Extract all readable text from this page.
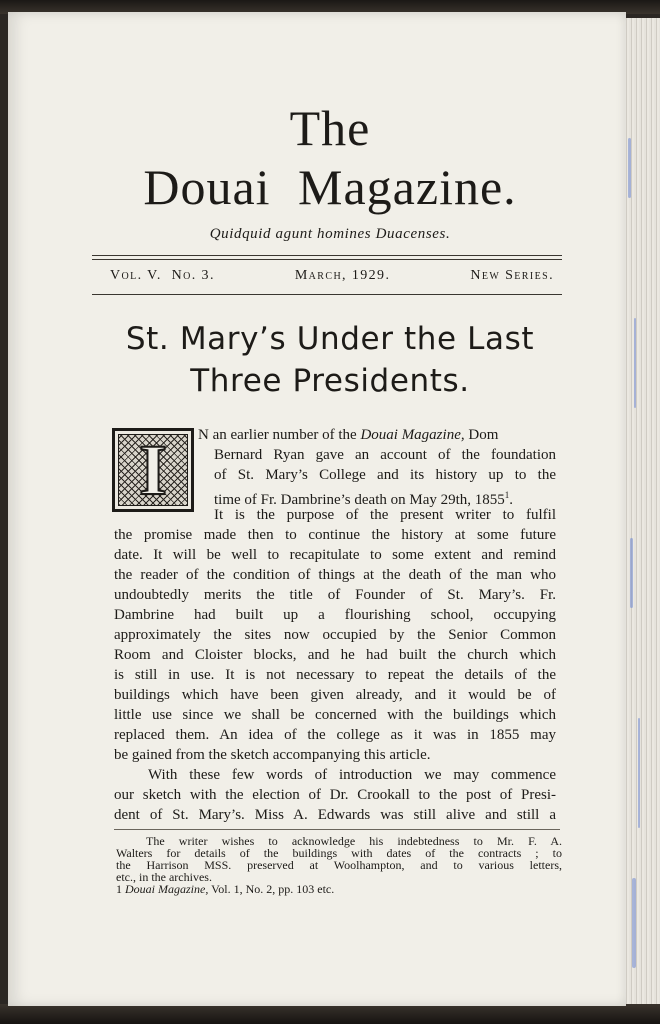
The
Douai Magazine.

Quidquid agunt homines Duacenses.

Vol. V. No. 3.	March, 1929.	New Series.
St. Mary’s Under the Last
Three Presidents.
I	N an earlier number of the Douai Magazine, Dom

Bernard Ryan gave an account of the foundation

of St. Mary’s College and its history up to the

time of Fr. Dambrine’s death on May 29th, 1855$^1$.

It is the purpose of the present writer to fulfil

the promise made then to continue the history at some future

date. It will be well to recapitulate to some extent and remind

the reader of the condition of things at the death of the man who

undoubtedly merits the title of Founder of St. Mary’s. Fr.

Dambrine had built up a flourishing school, occupying

approximately the sites now occupied by the Senior Common

Room and Cloister blocks, and he had built the church which

is still in use. It is not necessary to repeat the details of the

buildings which have been given already, and it would be of

little use since we shall be concerned with the buildings which

replaced them. An idea of the college as it was in 1855 may

be gained from the sketch accompanying this article.

With these few words of introduction we may commence

our sketch with the election of Dr. Crookall to the post of Presi-

dent of St. Mary’s. Miss A. Edwards was still alive and still a

The writer wishes to acknowledge his indebtedness to Mr. F. A.

Walters for details of the buildings with dates of the contracts ; to

the Harrison MSS. preserved at Woolhampton, and to various letters,

etc., in the archives.

1 Douai Magazine, Vol. 1, No. 2, pp. 103 etc.
